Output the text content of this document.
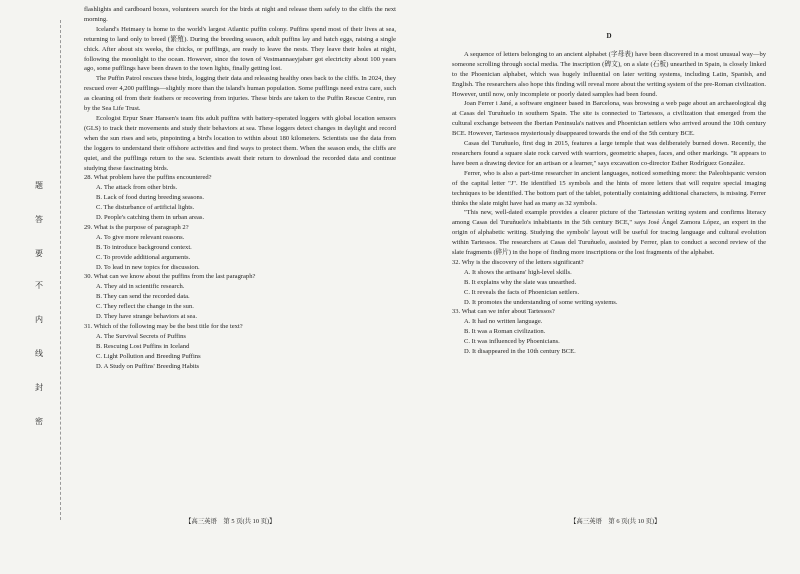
题
答
要
不
内
线
封
密

flashlights and cardboard boxes, volunteers search for the birds at night and release them safely to the cliffs the next morning.

Iceland's Heimaey is home to the world's largest Atlantic puffin colony. Puffins spend most of their lives at sea, returning to land only to breed (繁殖). During the breeding season, adult puffins lay and hatch eggs, raising a single chick. After about six weeks, the chicks, or pufflings, are ready to leave the nests. They leave their holes at night, following the moonlight to the ocean. However, since the town of Vestmannaeyjabær got electricity about 100 years ago, some pufflings have been drawn to the town lights, finally getting lost.

The Puffin Patrol rescues these birds, logging their data and releasing healthy ones back to the cliffs. In 2024, they rescued over 4,200 pufflings—slightly more than the island's human population. Some pufflings need extra care, such as cleaning oil from their feathers or recovering from injuries. These birds are taken to the Puffin Rescue Centre, run by the Sea Life Trust.

Ecologist Erpur Snær Hansen's team fits adult puffins with battery-operated loggers with global location sensors (GLS) to track their movements and study their behaviors at sea. These loggers detect changes in daylight and record when the sun rises and sets, pinpointing a bird's location to within about 180 kilometers. Scientists use the data from the loggers to understand their offshore activities and find ways to protect them. When the season ends, the cliffs are quiet, and the pufflings return to the sea. Scientists await their return to download the recorded data and continue studying these fascinating birds.

28. What problem have the puffins encountered?

A. The attack from other birds.

B. Lack of food during breeding seasons.

C. The disturbance of artificial lights.

D. People's catching them in urban areas.

29. What is the purpose of paragraph 2?

A. To give more relevant reasons.

B. To introduce background context.

C. To provide additional arguments.

D. To lead in new topics for discussion.

30. What can we know about the puffins from the last paragraph?

A. They aid in scientific research.

B. They can send the recorded data.

C. They reflect the change in the sun.

D. They have strange behaviors at sea.

31. Which of the following may be the best title for the text?

A. The Survival Secrets of Puffins

B. Rescuing Lost Puffins in Iceland

C. Light Pollution and Breeding Puffins

D. A Study on Puffins' Breeding Habits

【高三英语　第 5 页(共 10 页)】
D

A sequence of letters belonging to an ancient alphabet (字母表) have been discovered in a most unusual way—by someone scrolling through social media. The inscription (碑文), on a slate (石板) unearthed in Spain, is closely linked to the Phoenician alphabet, which was hugely influential on later writing systems, including Latin, Spanish, and English. The researchers also hope this finding will reveal more about the writing system of the pre-Roman civilization. However, until now, only incomplete or poorly dated samples had been found.

Joan Ferrer i Jané, a software engineer based in Barcelona, was browsing a web page about an archaeological dig at Casas del Turuñuelo in southern Spain. The site is connected to Tartessos, a civilization that emerged from the cultural exchange between the Iberian Peninsula's natives and Phoenician settlers who arrived around the 10th century BCE. However, Tartessos mysteriously disappeared towards the end of the 5th century BCE.

Casas del Turuñuelo, first dug in 2015, features a large temple that was deliberately burned down. Recently, the researchers found a square slate rock carved with warriors, geometric shapes, faces, and other markings. "It appears to have been a drawing device for an artisan or a learner," says excavation co-director Esther Rodríguez González.

Ferrer, who is also a part-time researcher in ancient languages, noticed something more: the Paleohispanic version of the capital letter "J". He identified 15 symbols and the hints of more letters that will require special imaging techniques to be identified. The bottom part of the tablet, potentially containing additional characters, is missing. Ferrer thinks the slate might have had as many as 32 symbols.

"This new, well-dated example provides a clearer picture of the Tartessian writing system and confirms literacy among Casas del Turuñuelo's inhabitants in the 5th century BCE," says José Ángel Zamora López, an expert in the origin of alphabetic writing. Studying the symbols' layout will be useful for tracing language and cultural evolution within Tartessos. The researchers at Casas del Turuñuelo, assisted by Ferrer, plan to conduct a second review of the slate fragments (碎片) in the hope of finding more inscriptions or the lost fragments of the alphabet.

32. Why is the discovery of the letters significant?

A. It shows the artisans' high-level skills.

B. It explains why the slate was unearthed.

C. It reveals the facts of Phoenician settlers.

D. It promotes the understanding of some writing systems.

33. What can we infer about Tartessos?

A. It had no written language.

B. It was a Roman civilization.

C. It was influenced by Phoenicians.

D. It disappeared in the 10th century BCE.

【高三英语　第 6 页(共 10 页)】
